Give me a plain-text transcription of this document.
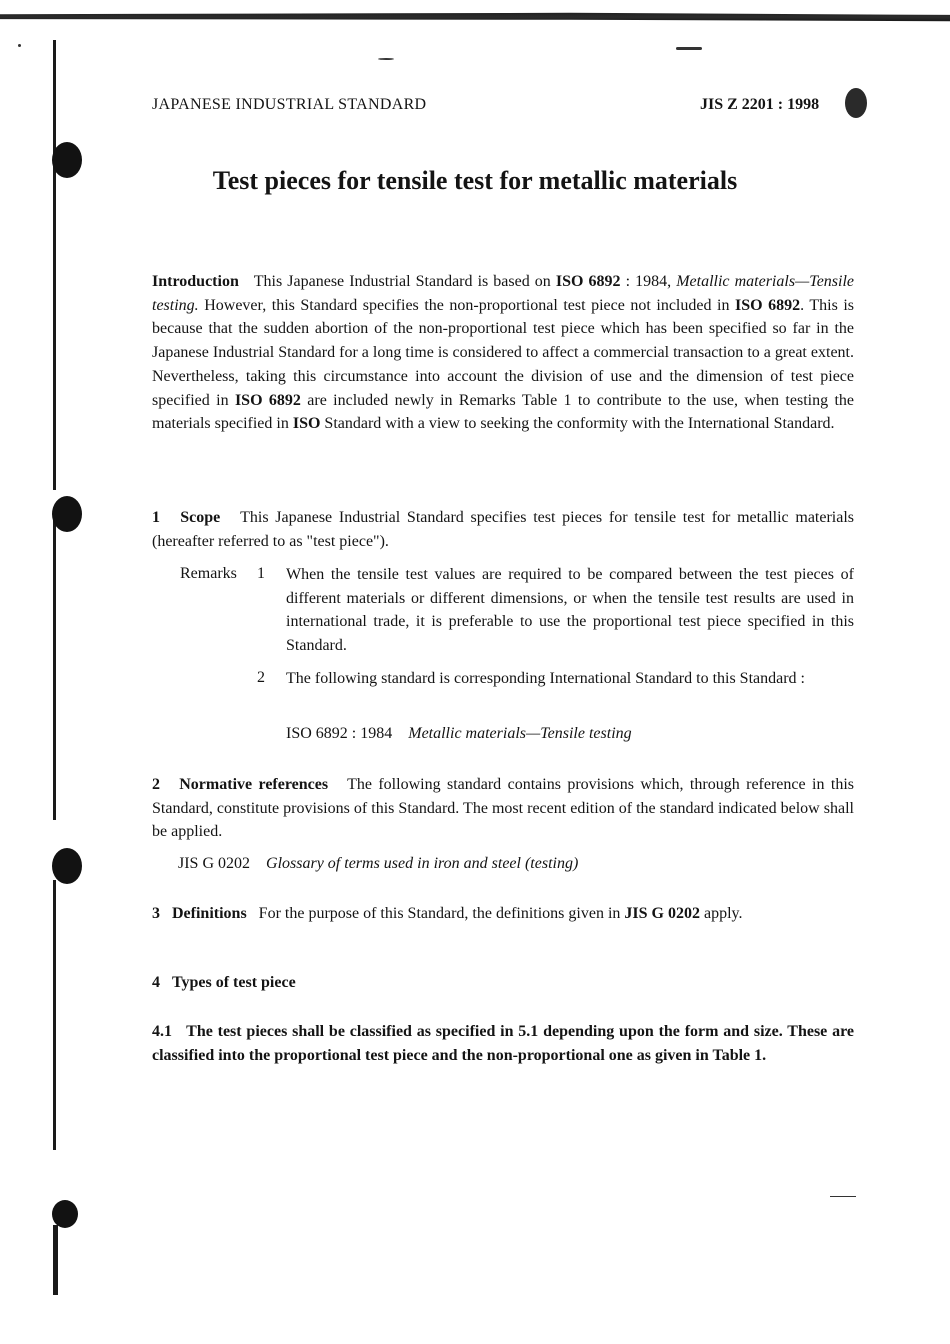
JAPANESE INDUSTRIAL STANDARD	JIS Z 2201 : 1998
Test pieces for tensile test for metallic materials
Introduction This Japanese Industrial Standard is based on ISO 6892 : 1984, Metallic materials—Tensile testing. However, this Standard specifies the non-proportional test piece not included in ISO 6892. This is because that the sudden abortion of the non-proportional test piece which has been specified so far in the Japanese Industrial Standard for a long time is considered to affect a commercial transaction to a great extent. Nevertheless, taking this circumstance into account the division of use and the dimension of test piece specified in ISO 6892 are included newly in Remarks Table 1 to contribute to the use, when testing the materials specified in ISO Standard with a view to seeking the conformity with the International Standard.
1 Scope This Japanese Industrial Standard specifies test pieces for tensile test for metallic materials (hereafter referred to as "test piece").
Remarks 1 When the tensile test values are required to be compared between the test pieces of different materials or different dimensions, or when the tensile test results are used in international trade, it is preferable to use the proportional test piece specified in this Standard.
2 The following standard is corresponding International Standard to this Standard :
ISO 6892 : 1984 Metallic materials—Tensile testing
2 Normative references The following standard contains provisions which, through reference in this Standard, constitute provisions of this Standard. The most recent edition of the standard indicated below shall be applied.
JIS G 0202 Glossary of terms used in iron and steel (testing)
3 Definitions For the purpose of this Standard, the definitions given in JIS G 0202 apply.
4 Types of test piece
4.1 The test pieces shall be classified as specified in 5.1 depending upon the form and size. These are classified into the proportional test piece and the non-proportional one as given in Table 1.
